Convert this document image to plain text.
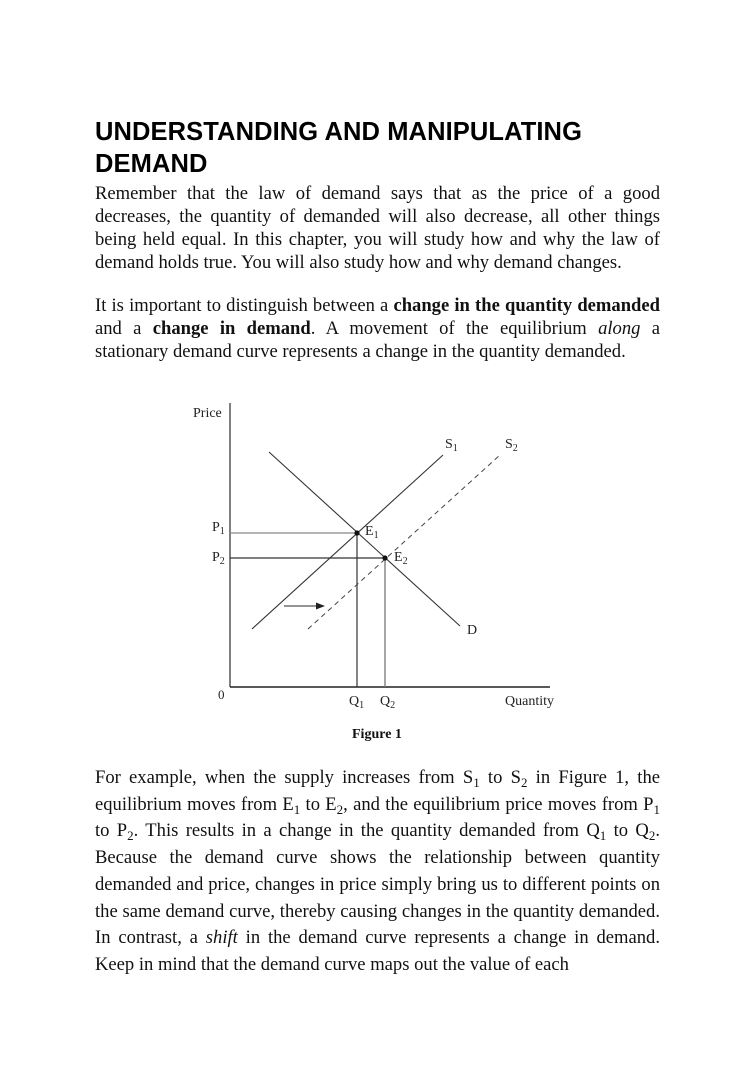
UNDERSTANDING AND MANIPULATING DEMAND

Remember that the law of demand says that as the price of a good decreases, the quantity of demanded will also decrease, all other things being held equal. In this chapter, you will study how and why the law of demand holds true. You will also study how and why demand changes.

It is important to distinguish between a change in the quantity demanded and a change in demand. A movement of the equilibrium along a stationary demand curve represents a change in the quantity demanded.

Price
0	Quantity
$P_1$
$P_2$
$Q_1$ $Q_2$
$E_1$
$E_2$
$S_1$	$S_2$
D
Figure 1

For example, when the supply increases from $S_1$ to $S_2$ in Figure 1, the equilibrium moves from $E_1$ to $E_2$, and the equilibrium price moves from $P_1$ to $P_2$. This results in a change in the quantity demanded from $Q_1$ to $Q_2$. Because the demand curve shows the relationship between quantity demanded and price, changes in price simply bring us to different points on the same demand curve, thereby causing changes in the quantity demanded. In contrast, a shift in the demand curve represents a change in demand. Keep in mind that the demand curve maps out the value of each
